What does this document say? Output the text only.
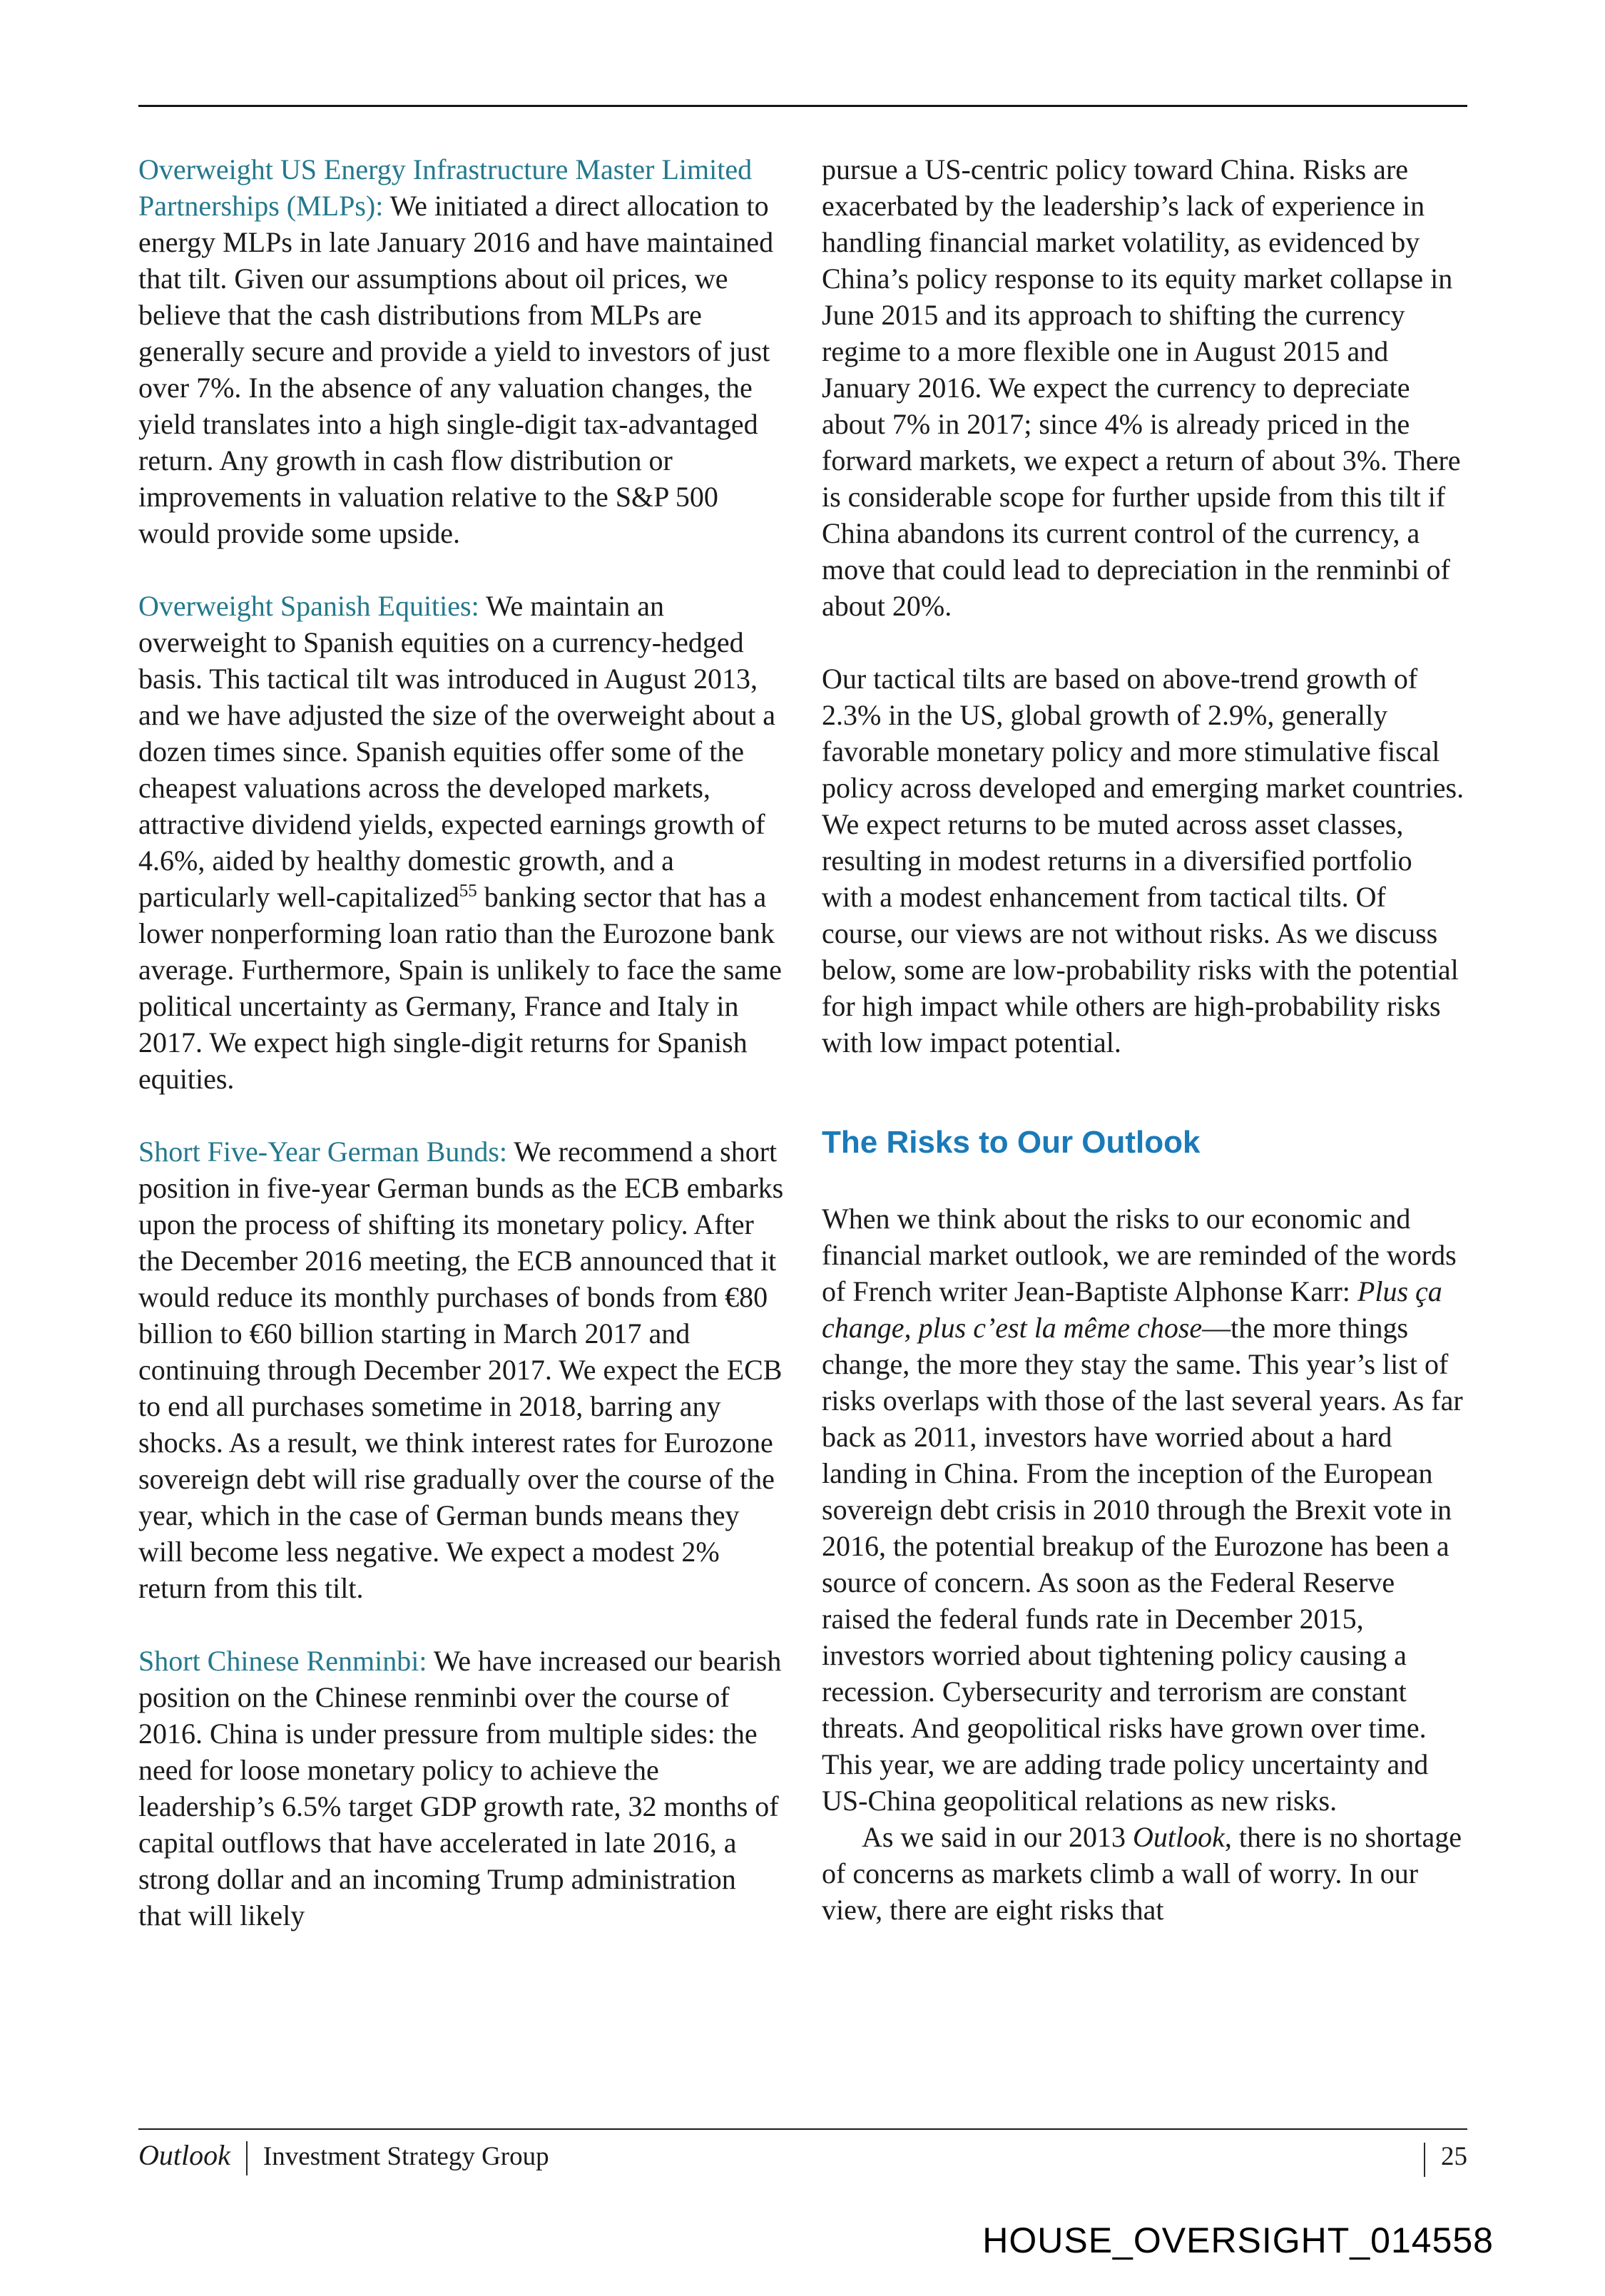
Overweight US Energy Infrastructure Master Limited Partnerships (MLPs): We initiated a direct allocation to energy MLPs in late January 2016 and have maintained that tilt. Given our assumptions about oil prices, we believe that the cash distributions from MLPs are generally secure and provide a yield to investors of just over 7%. In the absence of any valuation changes, the yield translates into a high single-digit tax-advantaged return. Any growth in cash flow distribution or improvements in valuation relative to the S&P 500 would provide some upside.

Overweight Spanish Equities: We maintain an overweight to Spanish equities on a currency-hedged basis. This tactical tilt was introduced in August 2013, and we have adjusted the size of the overweight about a dozen times since. Spanish equities offer some of the cheapest valuations across the developed markets, attractive dividend yields, expected earnings growth of 4.6%, aided by healthy domestic growth, and a particularly well-capitalized$^{55}$ banking sector that has a lower nonperforming loan ratio than the Eurozone bank average. Furthermore, Spain is unlikely to face the same political uncertainty as Germany, France and Italy in 2017. We expect high single-digit returns for Spanish equities.

Short Five-Year German Bunds: We recommend a short position in five-year German bunds as the ECB embarks upon the process of shifting its monetary policy. After the December 2016 meeting, the ECB announced that it would reduce its monthly purchases of bonds from €80 billion to €60 billion starting in March 2017 and continuing through December 2017. We expect the ECB to end all purchases sometime in 2018, barring any shocks. As a result, we think interest rates for Eurozone sovereign debt will rise gradually over the course of the year, which in the case of German bunds means they will become less negative. We expect a modest 2% return from this tilt.

Short Chinese Renminbi: We have increased our bearish position on the Chinese renminbi over the course of 2016. China is under pressure from multiple sides: the need for loose monetary policy to achieve the leadership’s 6.5% target GDP growth rate, 32 months of capital outflows that have accelerated in late 2016, a strong dollar and an incoming Trump administration that will likely

pursue a US-centric policy toward China. Risks are exacerbated by the leadership’s lack of experience in handling financial market volatility, as evidenced by China’s policy response to its equity market collapse in June 2015 and its approach to shifting the currency regime to a more flexible one in August 2015 and January 2016. We expect the currency to depreciate about 7% in 2017; since 4% is already priced in the forward markets, we expect a return of about 3%. There is considerable scope for further upside from this tilt if China abandons its current control of the currency, a move that could lead to depreciation in the renminbi of about 20%.

Our tactical tilts are based on above-trend growth of 2.3% in the US, global growth of 2.9%, generally favorable monetary policy and more stimulative fiscal policy across developed and emerging market countries. We expect returns to be muted across asset classes, resulting in modest returns in a diversified portfolio with a modest enhancement from tactical tilts. Of course, our views are not without risks. As we discuss below, some are low-probability risks with the potential for high impact while others are high-probability risks with low impact potential.

The Risks to Our Outlook

When we think about the risks to our economic and financial market outlook, we are reminded of the words of French writer Jean-Baptiste Alphonse Karr: Plus ça change, plus c’est la même chose—the more things change, the more they stay the same. This year’s list of risks overlaps with those of the last several years. As far back as 2011, investors have worried about a hard landing in China. From the inception of the European sovereign debt crisis in 2010 through the Brexit vote in 2016, the potential breakup of the Eurozone has been a source of concern. As soon as the Federal Reserve raised the federal funds rate in December 2015, investors worried about tightening policy causing a recession. Cybersecurity and terrorism are constant threats. And geopolitical risks have grown over time. This year, we are adding trade policy uncertainty and US-China geopolitical relations as new risks.

As we said in our 2013 Outlook, there is no shortage of concerns as markets climb a wall of worry. In our view, there are eight risks that

Outlook Investment Strategy Group	25
HOUSE_OVERSIGHT_014558
